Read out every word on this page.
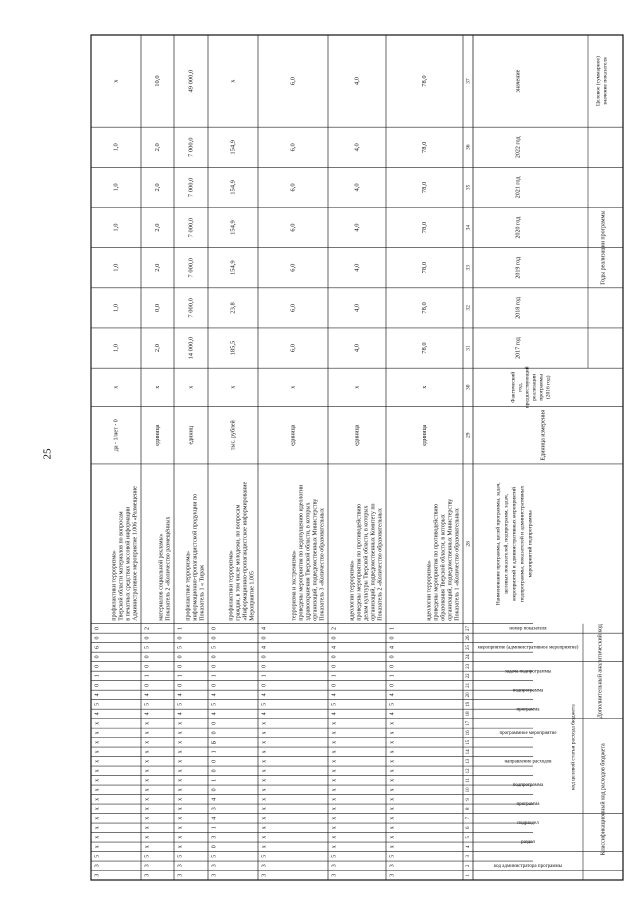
25
Классификационный код расходов бюджета
Дополнительный аналитический код
код целевой статьи расхода бюджета
код администратора программы
раздел
подраздел
программа
подпрограмма
направление расходов
программное мероприятие
программа
подпрограмма
задача подпрограммы
мероприятие (административное мероприятие)
номер показателя
Наименование программы, целей программы, задач, целевых показателей, подпрограмм, задач, мероприятий и административных мероприятий подпрограммы, показателей и административных мероприятий подпрограммы
Единица измерения
Фактический год, предшествующий реализации программы (2016 год)
Годы реализации программы
2017 год
2018 год
2019 год
2020 год
2021 год
2022 год
Целевое (суммарное) значение показателя
значение
1
2
3
4
5
6
7
8
9
10
11
12
13
14
15
16
17
18
19
20
21
22
23
24
25
26
27
28
29
30
31
32
33
34
35
36
37
3
3
5
x
x
x
x
x
x
x
x
x
x
x
x
x
x
4
5
4
0
1
0
0
4
0
1
Показатель 1 «Количество образовательных
организаций, подведомственных Министерству
образования Тверской области, в которых
проведены мероприятия по противодействию
идеологии терроризма»
единица
x
78,0
78,0
78,0
78,0
78,0
78,0
78,0
3
3
5
x
x
x
x
x
x
x
x
x
x
x
x
x
x
4
5
4
0
1
0
0
4
0
2
Показатель 2 «Количество образовательных
организаций, подведомственных Комитету по
делам культуры Тверской области, в которых
проведены мероприятия по противодействию
идеологии терроризма»
единица
x
4,0
4,0
4,0
4,0
4,0
4,0
4,0
3
3
5
x
x
x
x
x
x
x
x
x
x
x
x
x
x
4
5
4
0
1
0
0
4
0
4
Показатель 3 «Количество образовательных
организаций, подведомственных Министерству
здравоохранения Тверской области, в которых
проведены мероприятия по недопущению идеологии
терроризма и экстремизма»
единица
x
6,0
6,0
6,0
6,0
6,0
6,0
6,0
3
3
5
0
3
1
4
3
4
0
1
0
0
1
Б
0
0
4
5
4
0
1
0
0
5
0
0
Мероприятие 1.005
«Информационно-пропагандистское информирование
граждан, в том числе молодежи, по вопросам
профилактики терроризма»
тыс. рублей
x
185,5
23,8
154,9
154,9
154,9
154,9
x
3
3
5
x
x
x
x
x
x
x
x
x
x
x
x
x
x
4
5
4
0
1
0
0
5
0
1
Показатель 1 « Тираж
информационно-пропагандистской продукции по
профилактике терроризма»
единиц
x
14 000,0
7 000,0
7 000,0
7 000,0
7 000,0
7 000,0
49 000,0
3
3
5
x
x
x
x
x
x
x
x
x
x
x
x
x
x
4
5
4
0
1
0
0
5
0
2
Показатель 2 «Количество размещённых
материалов социальной рекламы»
единица
x
2,0
0,0
2,0
2,0
2,0
2,0
10,0
3
3
5
x
x
x
x
x
x
x
x
x
x
x
x
x
x
4
5
4
0
1
0
0
6
0
0
Административное мероприятие 1.006 «Размещение
в печатных средствах массовой информации
Тверской области материалов по вопросам
профилактики терроризма»
да - 1/нет - 0
x
1,0
1,0
1,0
1,0
1,0
1,0
x
